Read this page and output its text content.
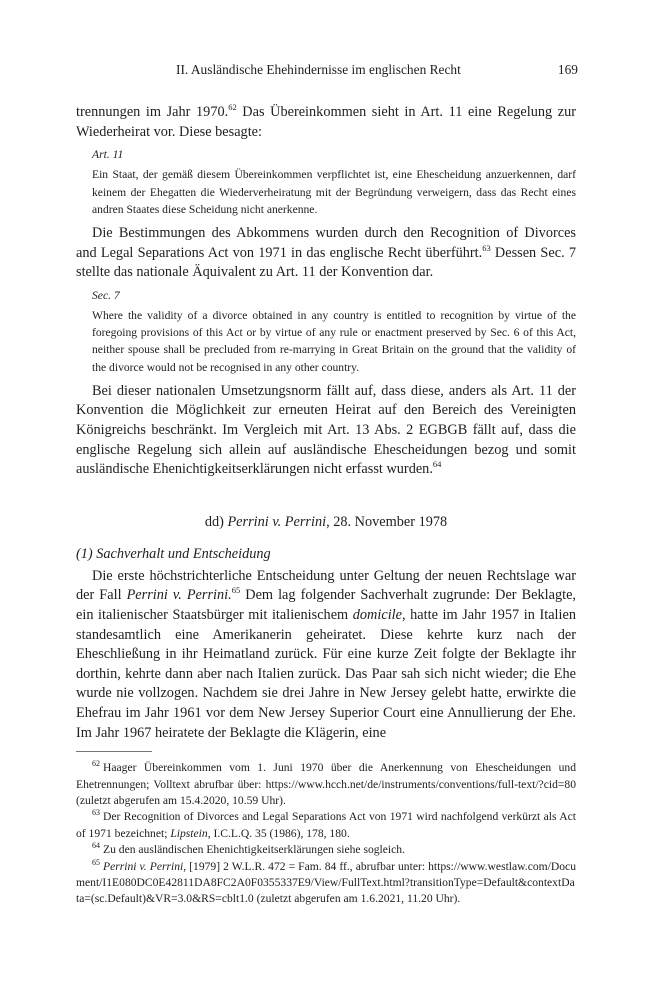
II. Ausländische Ehehindernisse im englischen Recht	169

trennungen im Jahr 1970.62 Das Übereinkommen sieht in Art. 11 eine Regelung zur Wiederheirat vor. Diese besagte:

Art. 11
Ein Staat, der gemäß diesem Übereinkommen verpflichtet ist, eine Ehescheidung anzuerkennen, darf keinem der Ehegatten die Wiederverheiratung mit der Begründung verweigern, dass das Recht eines andren Staates diese Scheidung nicht anerkenne.

Die Bestimmungen des Abkommens wurden durch den Recognition of Divorces and Legal Separations Act von 1971 in das englische Recht überführt.$^{63}$ Dessen Sec. 7 stellte das nationale Äquivalent zu Art. 11 der Konvention dar.

Sec. 7
Where the validity of a divorce obtained in any country is entitled to recognition by virtue of the foregoing provisions of this Act or by virtue of any rule or enactment preserved by Sec. 6 of this Act, neither spouse shall be precluded from re-marrying in Great Britain on the ground that the validity of the divorce would not be recognised in any other country.

Bei dieser nationalen Umsetzungsnorm fällt auf, dass diese, anders als Art. 11 der Konvention die Möglichkeit zur erneuten Heirat auf den Bereich des Vereinigten Königreichs beschränkt. Im Vergleich mit Art. 13 Abs. 2 EGBGB fällt auf, dass die englische Regelung sich allein auf ausländische Ehescheidungen bezog und somit ausländische Ehenichtigkeitserklärungen nicht erfasst wurden.$^{64}$

dd) Perrini v. Perrini, 28. November 1978
(1) Sachverhalt und Entscheidung

Die erste höchstrichterliche Entscheidung unter Geltung der neuen Rechtslage war der Fall Perrini v. Perrini.$^{65}$ Dem lag folgender Sachverhalt zugrunde: Der Beklagte, ein italienischer Staatsbürger mit italienischem domicile, hatte im Jahr 1957 in Italien standesamtlich eine Amerikanerin geheiratet. Diese kehrte kurz nach der Eheschließung in ihr Heimatland zurück. Für eine kurze Zeit folgte der Beklagte ihr dorthin, kehrte dann aber nach Italien zurück. Das Paar sah sich nicht wieder; die Ehe wurde nie vollzogen. Nachdem sie drei Jahre in New Jersey gelebt hatte, erwirkte die Ehefrau im Jahr 1961 vor dem New Jersey Superior Court eine Annullierung der Ehe. Im Jahr 1967 heiratete der Beklagte die Klägerin, eine

$^{62}$ Haager Übereinkommen vom 1. Juni 1970 über die Anerkennung von Ehescheidungen und Ehetrennungen; Volltext abrufbar über: https://www.hcch.net/de/instruments/conventions/full-text/?cid=80 (zuletzt abgerufen am 15.4.2020, 10.59 Uhr).

$^{63}$ Der Recognition of Divorces and Legal Separations Act von 1971 wird nachfolgend verkürzt als Act of 1971 bezeichnet; Lipstein, I.C.L.Q. 35 (1986), 178, 180.

$^{64}$ Zu den ausländischen Ehenichtigkeitserklärungen siehe sogleich.

$^{65}$ Perrini v. Perrini, [1979] 2 W.L.R. 472 = Fam. 84 ff., abrufbar unter: https://www.westlaw.com/Document/I1E080DC0E42811DA8FC2A0F0355337E9/View/FullText.html?transitionType=Default&contextData=(sc.Default)&VR=3.0&RS=cblt1.0 (zuletzt abgerufen am 1.6.2021, 11.20 Uhr).
